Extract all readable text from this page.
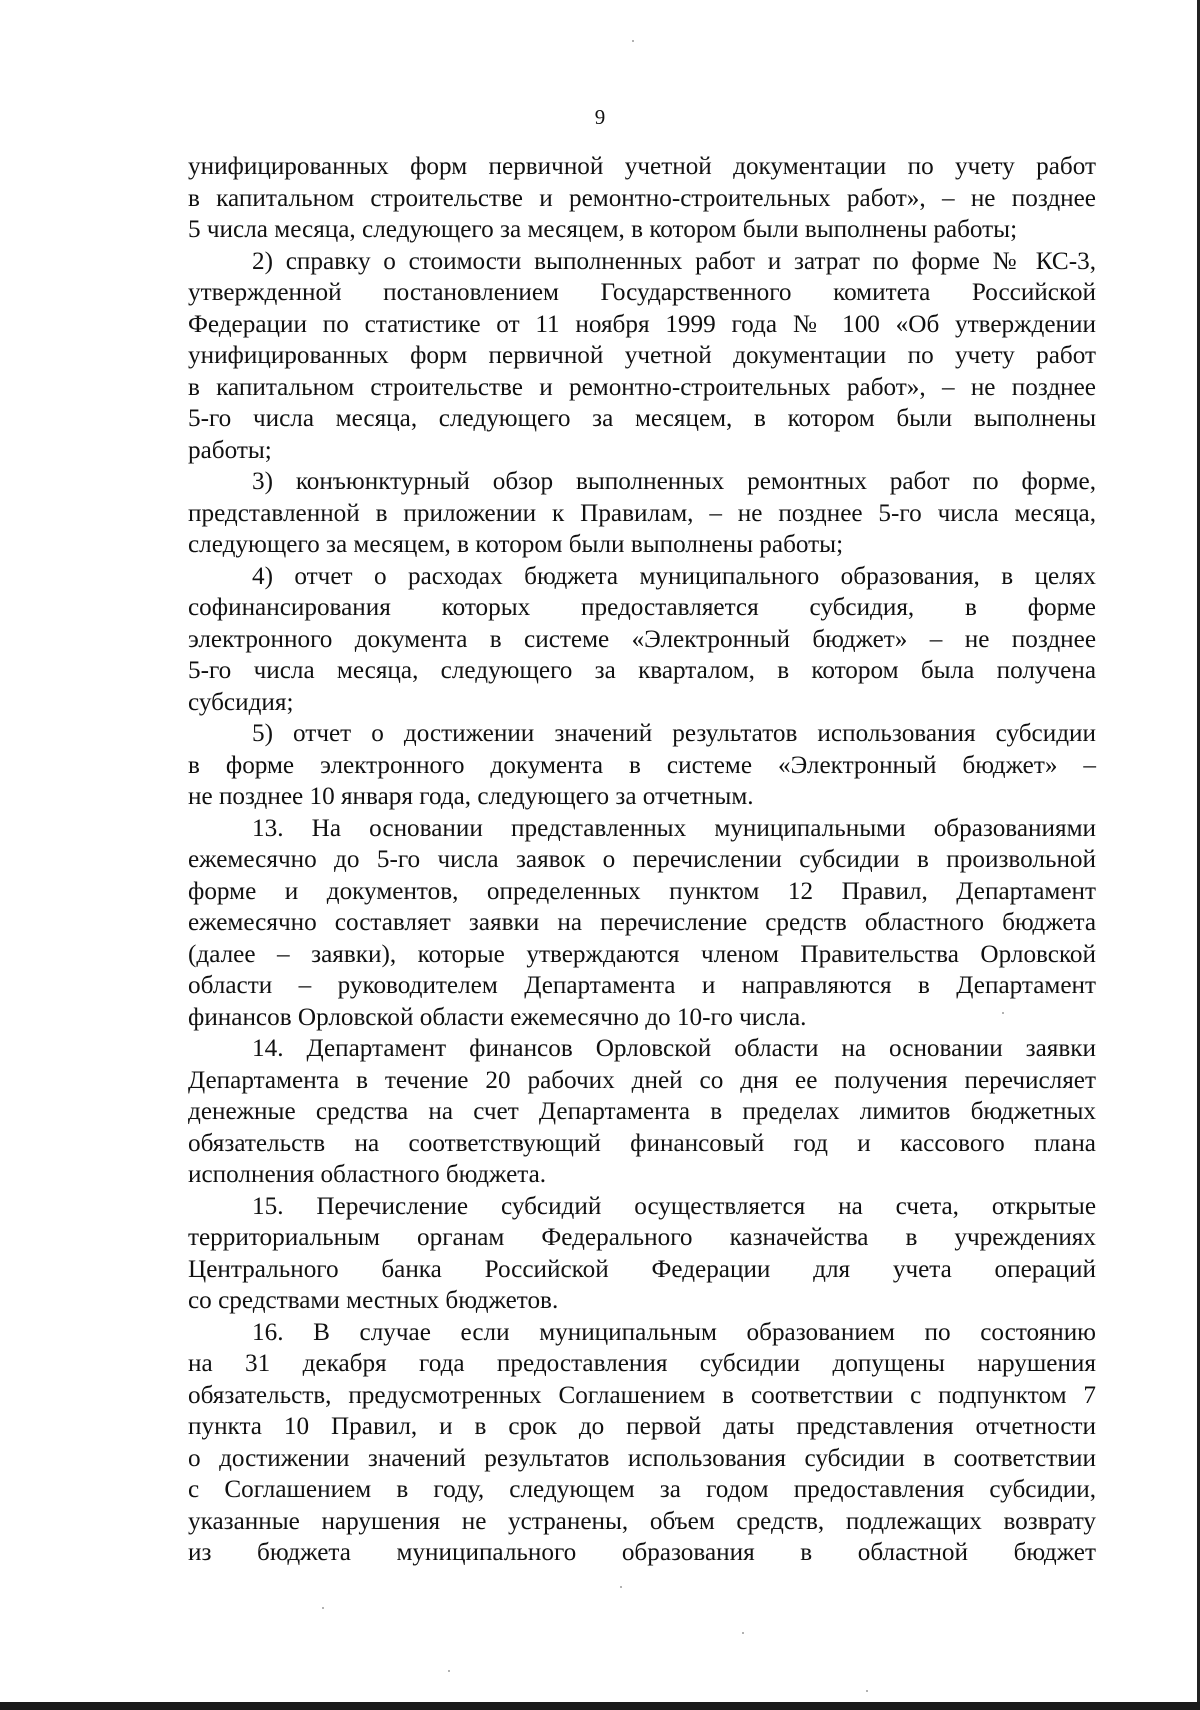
9
унифицированных форм первичной учетной документации по учету работ
в капитальном строительстве и ремонтно-строительных работ», – не позднее
5 числа месяца, следующего за месяцем, в котором были выполнены работы;
2) справку о стоимости выполненных работ и затрат по форме № КС-3,
утвержденной постановлением Государственного комитета Российской
Федерации по статистике от 11 ноября 1999 года № 100 «Об утверждении
унифицированных форм первичной учетной документации по учету работ
в капитальном строительстве и ремонтно-строительных работ», – не позднее
5-го числа месяца, следующего за месяцем, в котором были выполнены
работы;
3) конъюнктурный обзор выполненных ремонтных работ по форме,
представленной в приложении к Правилам, – не позднее 5-го числа месяца,
следующего за месяцем, в котором были выполнены работы;
4) отчет о расходах бюджета муниципального образования, в целях
софинансирования которых предоставляется субсидия, в форме
электронного документа в системе «Электронный бюджет» – не позднее
5-го числа месяца, следующего за кварталом, в котором была получена
субсидия;
5) отчет о достижении значений результатов использования субсидии
в форме электронного документа в системе «Электронный бюджет» –
не позднее 10 января года, следующего за отчетным.
13. На основании представленных муниципальными образованиями
ежемесячно до 5-го числа заявок о перечислении субсидии в произвольной
форме и документов, определенных пунктом 12 Правил, Департамент
ежемесячно составляет заявки на перечисление средств областного бюджета
(далее – заявки), которые утверждаются членом Правительства Орловской
области – руководителем Департамента и направляются в Департамент
финансов Орловской области ежемесячно до 10-го числа.
14. Департамент финансов Орловской области на основании заявки
Департамента в течение 20 рабочих дней со дня ее получения перечисляет
денежные средства на счет Департамента в пределах лимитов бюджетных
обязательств на соответствующий финансовый год и кассового плана
исполнения областного бюджета.
15. Перечисление субсидий осуществляется на счета, открытые
территориальным органам Федерального казначейства в учреждениях
Центрального банка Российской Федерации для учета операций
со средствами местных бюджетов.
16. В случае если муниципальным образованием по состоянию
на 31 декабря года предоставления субсидии допущены нарушения
обязательств, предусмотренных Соглашением в соответствии с подпунктом 7
пункта 10 Правил, и в срок до первой даты представления отчетности
о достижении значений результатов использования субсидии в соответствии
с Соглашением в году, следующем за годом предоставления субсидии,
указанные нарушения не устранены, объем средств, подлежащих возврату
из бюджета муниципального образования в областной бюджет
